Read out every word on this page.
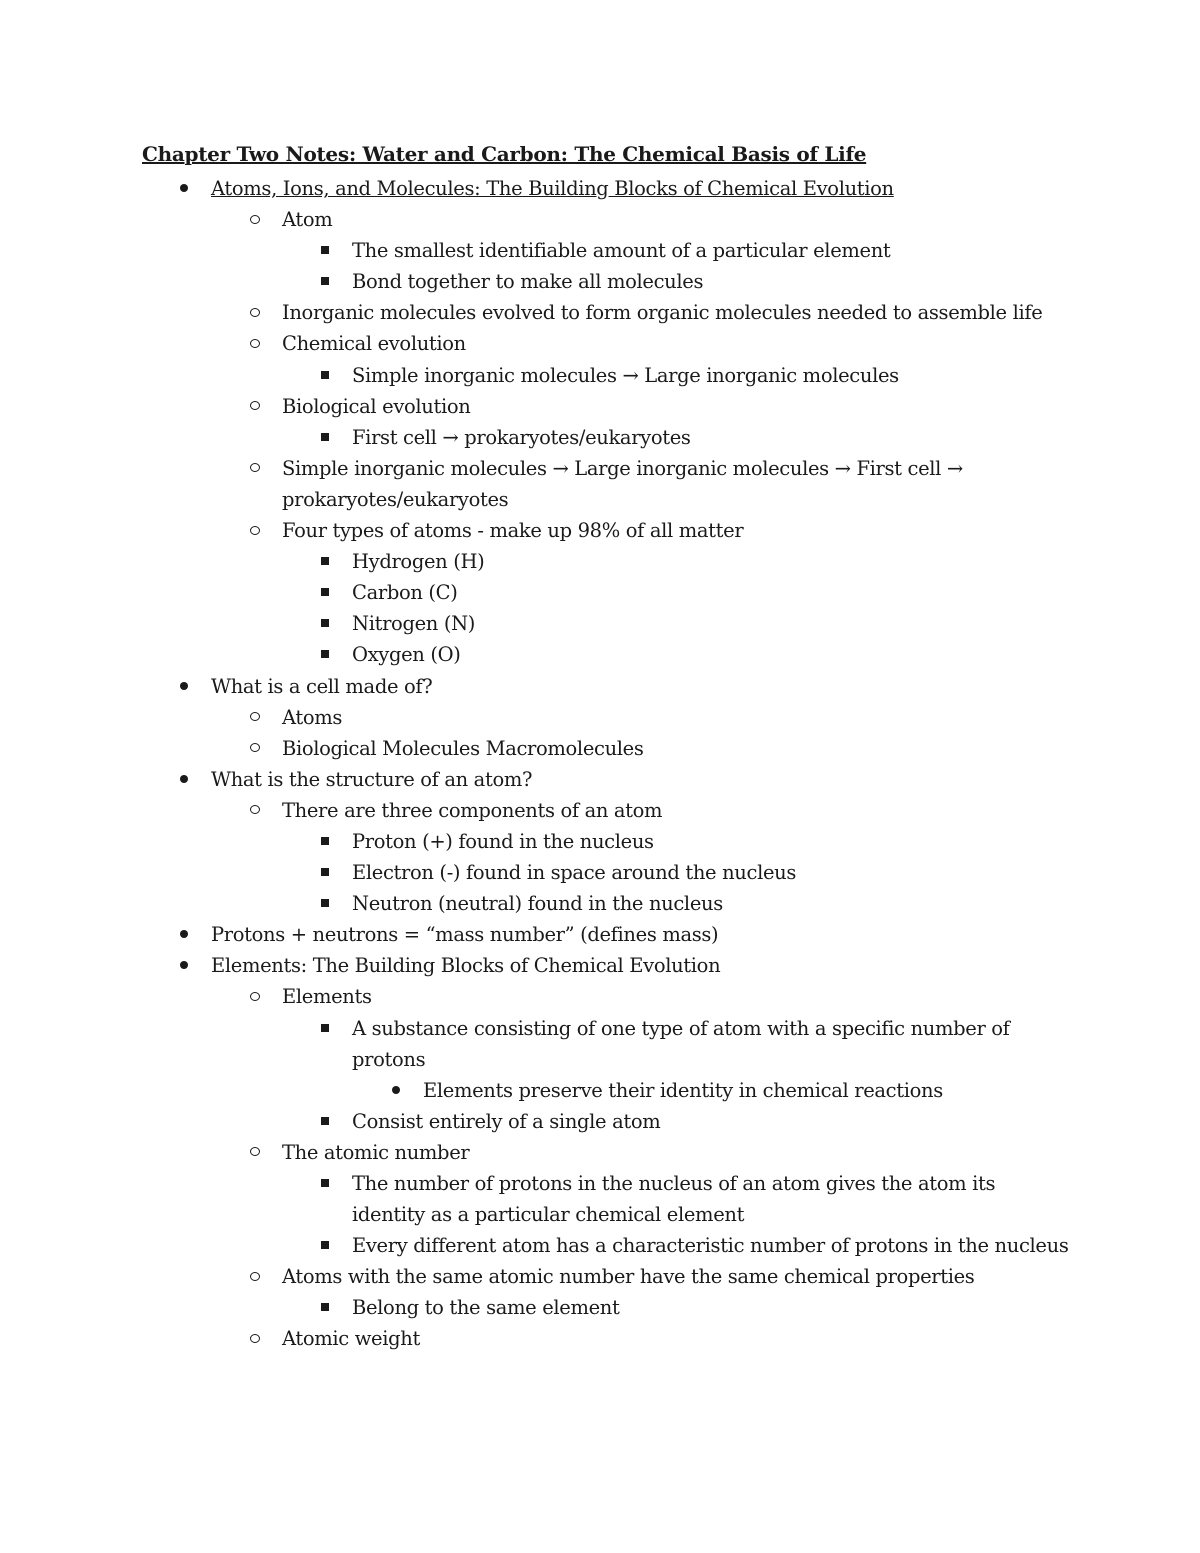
Chapter Two Notes: Water and Carbon: The Chemical Basis of Life
Atoms, Ions, and Molecules: The Building Blocks of Chemical Evolution
Atom
The smallest identifiable amount of a particular element
Bond together to make all molecules
Inorganic molecules evolved to form organic molecules needed to assemble life
Chemical evolution
Simple inorganic molecules → Large inorganic molecules
Biological evolution
First cell → prokaryotes/eukaryotes
Simple inorganic molecules → Large inorganic molecules → First cell →
prokaryotes/eukaryotes
Four types of atoms - make up 98% of all matter
Hydrogen (H)
Carbon (C)
Nitrogen (N)
Oxygen (O)
What is a cell made of?
Atoms
Biological Molecules Macromolecules
What is the structure of an atom?
There are three components of an atom
Proton (+) found in the nucleus
Electron (-) found in space around the nucleus
Neutron (neutral) found in the nucleus
Protons + neutrons = “mass number” (defines mass)
Elements: The Building Blocks of Chemical Evolution
Elements
A substance consisting of one type of atom with a specific number of
protons
Elements preserve their identity in chemical reactions
Consist entirely of a single atom
The atomic number
The number of protons in the nucleus of an atom gives the atom its
identity as a particular chemical element
Every different atom has a characteristic number of protons in the nucleus
Atoms with the same atomic number have the same chemical properties
Belong to the same element
Atomic weight
